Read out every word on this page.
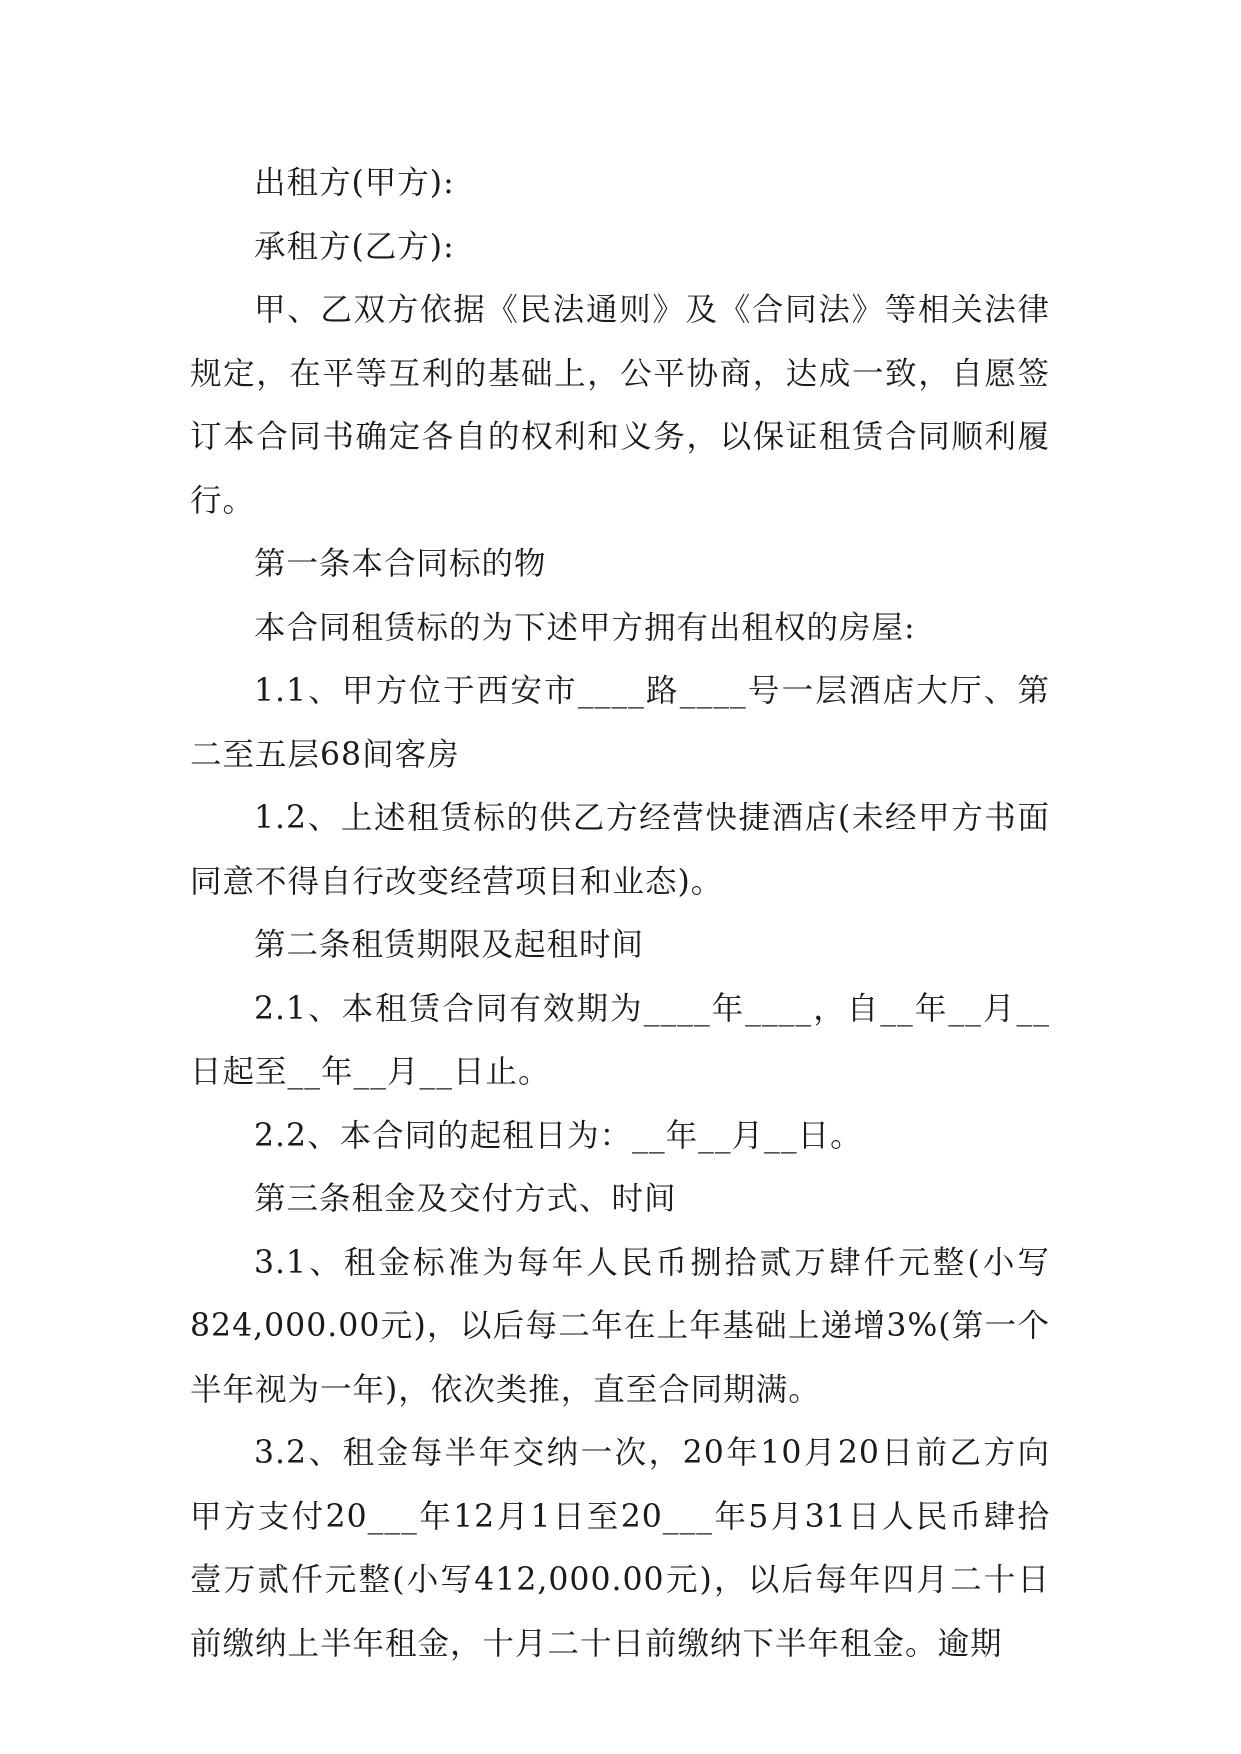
出租方(甲方):

承租方(乙方):

甲、乙双方依据《民法通则》及《合同法》等相关法律规定，在平等互利的基础上，公平协商，达成一致，自愿签订本合同书确定各自的权利和义务，以保证租赁合同顺利履行。

第一条本合同标的物

本合同租赁标的为下述甲方拥有出租权的房屋:

1.1、甲方位于西安市____路____号一层酒店大厅、第二至五层68间客房

1.2、上述租赁标的供乙方经营快捷酒店(未经甲方书面同意不得自行改变经营项目和业态)。

第二条租赁期限及起租时间

2.1、本租赁合同有效期为____年____，自__年__月__日起至__年__月__日止。

2.2、本合同的起租日为：__年__月__日。

第三条租金及交付方式、时间

3.1、租金标准为每年人民币捌拾贰万肆仟元整(小写824,000.00元)，以后每二年在上年基础上递增3%(第一个半年视为一年)，依次类推，直至合同期满。

3.2、租金每半年交纳一次，20年10月20日前乙方向甲方支付20___年12月1日至20___年5月31日人民币肆拾壹万贰仟元整(小写412,000.00元)，以后每年四月二十日前缴纳上半年租金，十月二十日前缴纳下半年租金。逾期
